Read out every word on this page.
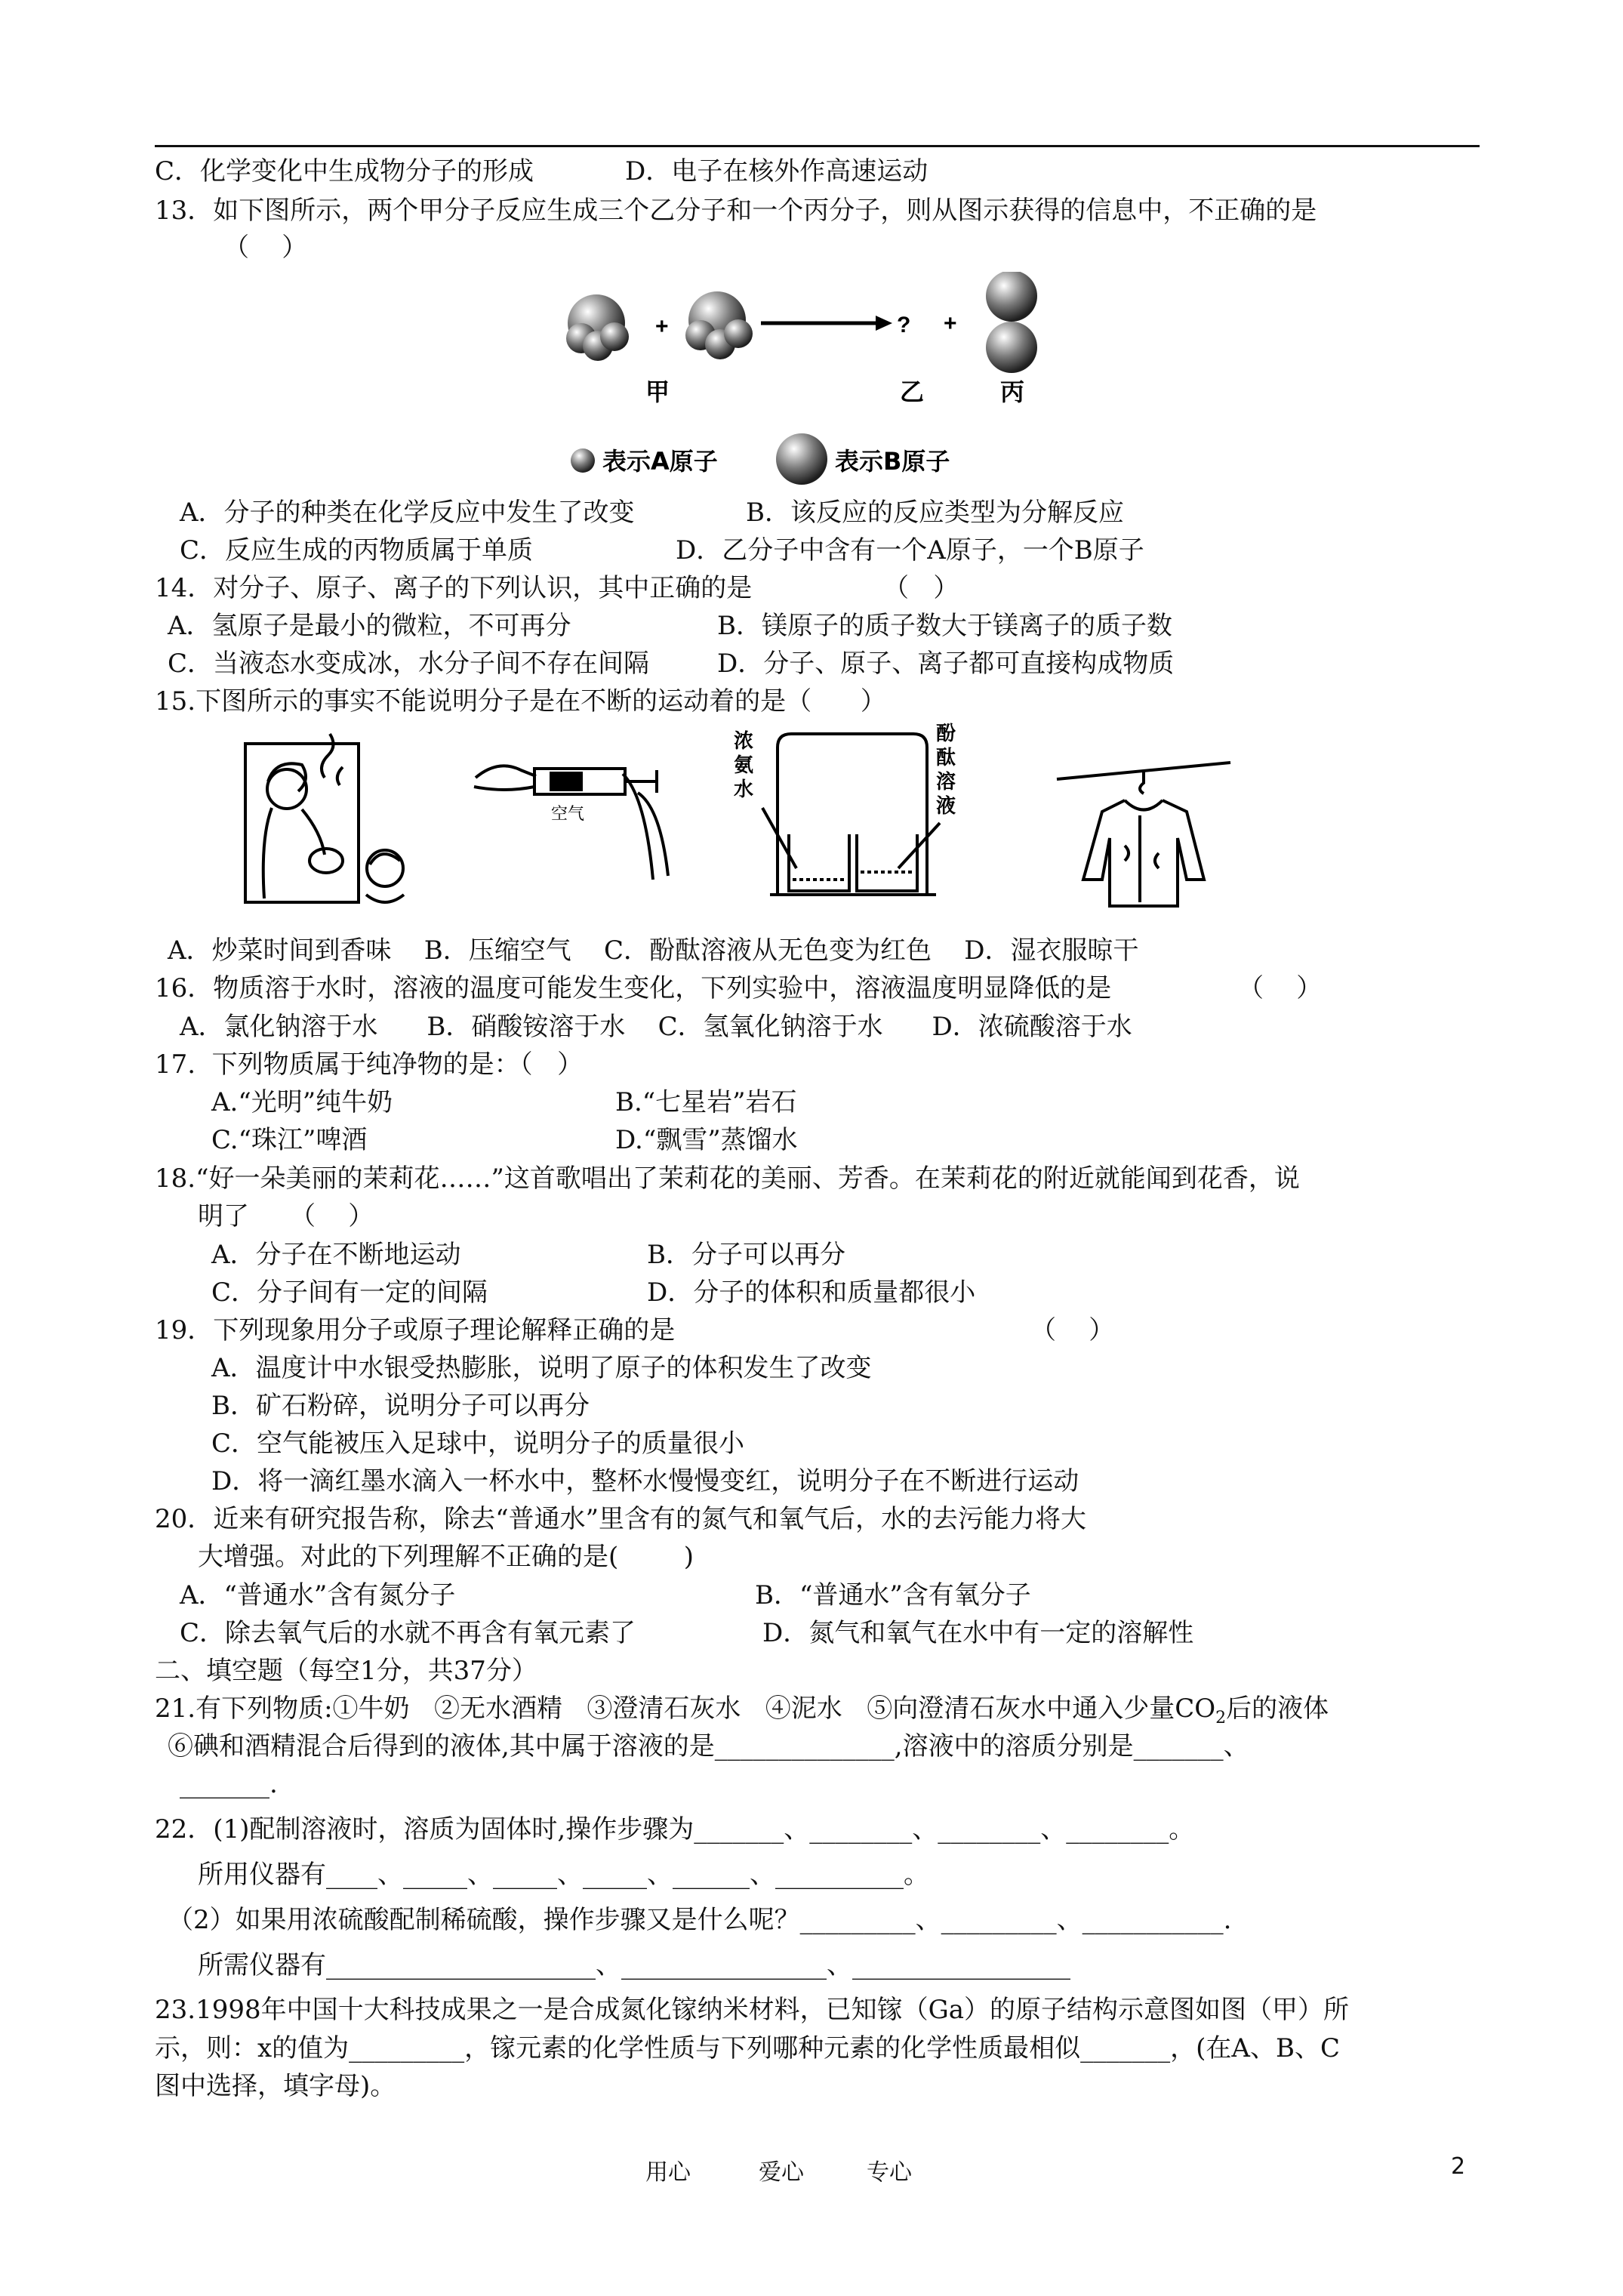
C．化学变化中生成物分子的形成	D．电子在核外作高速运动
13．如下图所示，两个甲分子反应生成三个乙分子和一个丙分子，则从图示获得的信息中，不正确的是
（    ）
+	? +
甲	乙	丙
表示A原子	表示B原子
A．分子的种类在化学反应中发生了改变	B．该反应的反应类型为分解反应
C．反应生成的丙物质属于单质	D．乙分子中含有一个A原子，一个B原子
14．对分子、原子、离子的下列认识，其中正确的是	（   ）
A．氢原子是最小的微粒，不可再分	B．镁原子的质子数大于镁离子的质子数
C．当液态水变成冰，水分子间不存在间隔	D．分子、原子、离子都可直接构成物质
15.下图所示的事实不能说明分子是在不断的运动着的是（      ）
空气
浓
氨
水
酚
酞
溶
液
A．炒菜时间到香味    B．压缩空气    C．酚酞溶液从无色变为红色    D．湿衣服晾干
16．物质溶于水时，溶液的温度可能发生变化，下列实验中，溶液温度明显降低的是	（    ）
A．氯化钠溶于水      B．硝酸铵溶于水    C．氢氧化钠溶于水      D．浓硫酸溶于水
17.  下列物质属于纯净物的是：（   ）
A.“光明”纯牛奶	B.“七星岩”岩石
C.“珠江”啤酒	D.“飘雪”蒸馏水
18.“好一朵美丽的茉莉花……”这首歌唱出了茉莉花的美丽、芳香。在茉莉花的附近就能闻到花香，说
明了     （    ）
A．分子在不断地运动	B．分子可以再分
C．分子间有一定的间隔	D．分子的体积和质量都很小
19．下列现象用分子或原子理论解释正确的是	（    ）
A．温度计中水银受热膨胀，说明了原子的体积发生了改变
B．矿石粉碎，说明分子可以再分
C．空气能被压入足球中，说明分子的质量很小
D．将一滴红墨水滴入一杯水中，整杯水慢慢变红，说明分子在不断进行运动
20．近来有研究报告称，除去“普通水”里含有的氮气和氧气后，水的去污能力将大
大增强。对此的下列理解不正确的是(        )
A．“普通水”含有氮分子	B．“普通水”含有氧分子
C．除去氧气后的水就不再含有氧元素了	D．氮气和氧气在水中有一定的溶解性
二、填空题（每空1分，共37分）
21.有下列物质:①牛奶   ②无水酒精   ③澄清石灰水   ④泥水   ⑤向澄清石灰水中通入少量$CO_2$后的液体
⑥碘和酒精混合后得到的液体,其中属于溶液的是______________,溶液中的溶质分别是_______、
_______.
22．(1)配制溶液时，溶质为固体时,操作步骤为_______、________、________、________。
所用仪器有____、_____、_____、_____、______、__________。
（2）如果用浓硫酸配制稀硫酸，操作步骤又是什么呢？_________、_________、___________.
所需仪器有_____________________、________________、_________________
23.1998年中国十大科技成果之一是合成氮化镓纳米材料，已知镓（Ga）的原子结构示意图如图（甲）所
示，则：x的值为_________，镓元素的化学性质与下列哪种元素的化学性质最相似_______，(在A、B、C
图中选择，填字母)。
用心	爱心	专心	2
